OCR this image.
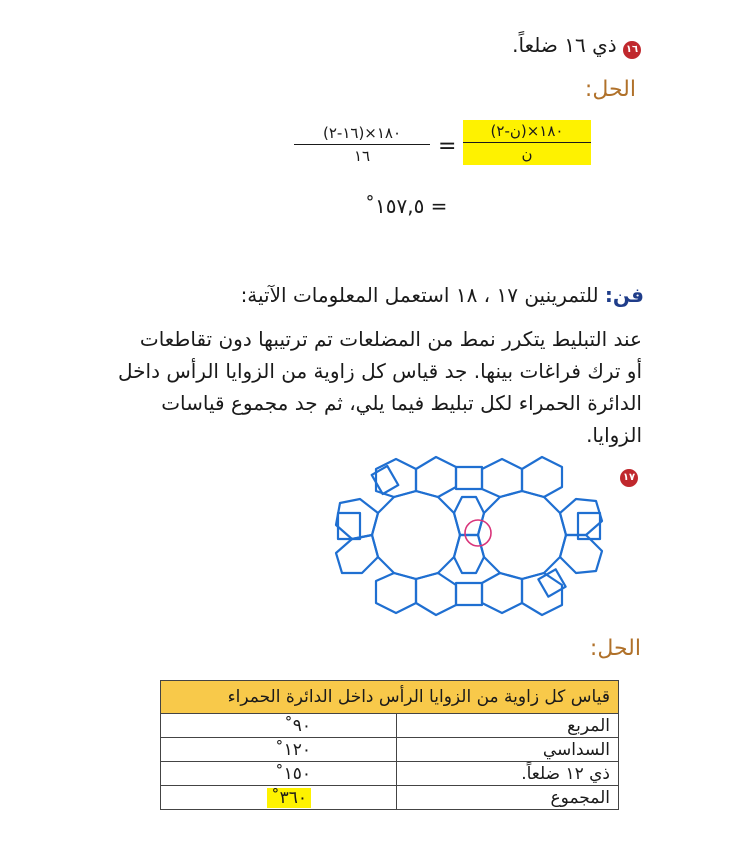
١٦ ذي ١٦ ضلعاً.
الحل:
١٨٠×(ن-٢)
ن
=
١٨٠×(١٦-٢)
١٦
= ١٥٧,٥˚
فن: للتمرينين ١٧ ، ١٨ استعمل المعلومات الآتية:
عند التبليط يتكرر نمط من المضلعات تم ترتيبها دون تقاطعات
أو ترك فراغات بينها. جد قياس كل زاوية من الزوايا الرأس داخل
الدائرة الحمراء لكل تبليط فيما يلي، ثم جد مجموع قياسات
الزوايا.
١٧
الحل:
قياس كل زاوية من الزوايا الرأس داخل الدائرة الحمراء	
المربع	٩٠˚
السداسي	١٢٠˚
ذي ١٢ ضلعاً.	١٥٠˚
المجموع	٣٦٠˚
